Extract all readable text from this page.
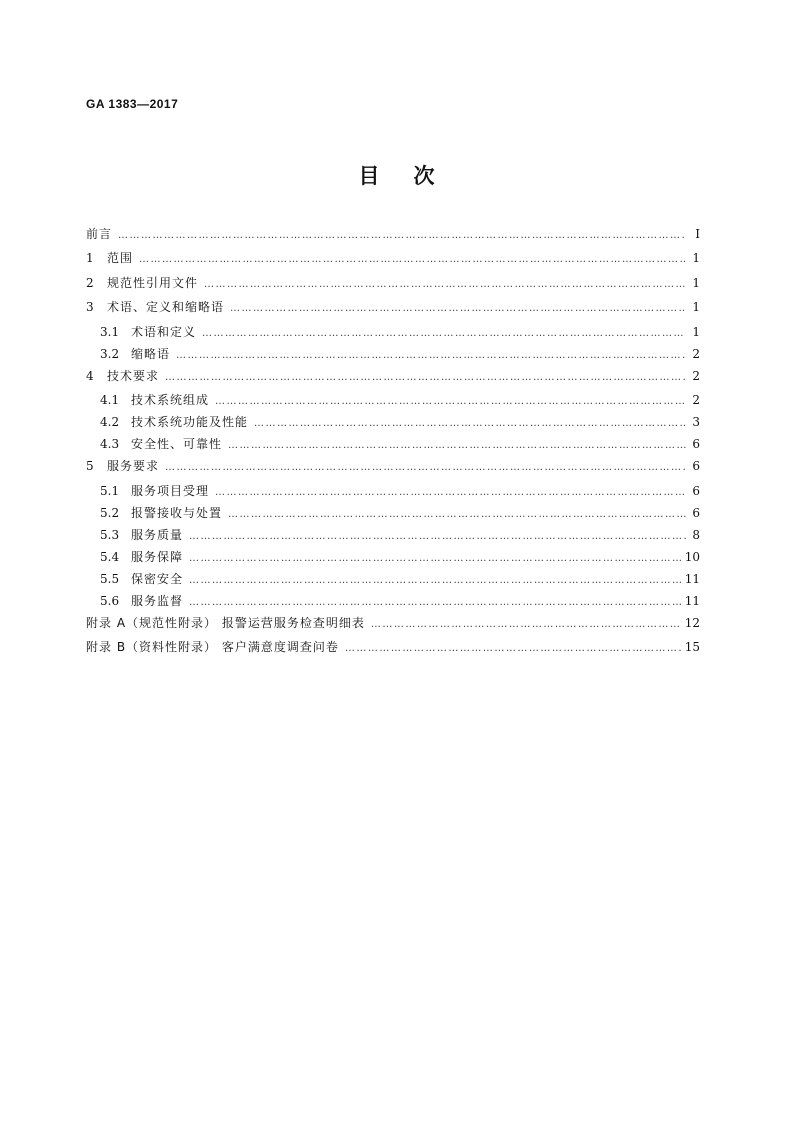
GA 1383—2017
目次
前言 ………………………………………………………………………………………………………………………………………………………………………………………………	Ⅰ
1	范围 ………………………………………………………………………………………………………………………………………………………………………………………………	1
2	规范性引用文件 ………………………………………………………………………………………………………………………………………………………………………………………………	1
3	术语、定义和缩略语 ………………………………………………………………………………………………………………………………………………………………………………………………	1
3.1 术语和定义 ………………………………………………………………………………………………………………………………………………………………………………………………	1
3.2 缩略语 ………………………………………………………………………………………………………………………………………………………………………………………………	2
4	技术要求 ………………………………………………………………………………………………………………………………………………………………………………………………	2
4.1 技术系统组成 ………………………………………………………………………………………………………………………………………………………………………………………………	2
4.2 技术系统功能及性能 ………………………………………………………………………………………………………………………………………………………………………………………………	3
4.3 安全性、可靠性 ………………………………………………………………………………………………………………………………………………………………………………………………	6
5	服务要求 ………………………………………………………………………………………………………………………………………………………………………………………………	6
5.1 服务项目受理 ………………………………………………………………………………………………………………………………………………………………………………………………	6
5.2 报警接收与处置 ………………………………………………………………………………………………………………………………………………………………………………………………	6
5.3 服务质量 ………………………………………………………………………………………………………………………………………………………………………………………………	8
5.4 服务保障 ………………………………………………………………………………………………………………………………………………………………………………………………	10
5.5 保密安全 ………………………………………………………………………………………………………………………………………………………………………………………………	11
5.6 服务监督 ………………………………………………………………………………………………………………………………………………………………………………………………	11
附录 A（规范性附录） 报警运营服务检查明细表 ………………………………………………………………………………………………………………………………………………………………………………………………	12
附录 B（资料性附录） 客户满意度调查问卷 ………………………………………………………………………………………………………………………………………………………………………………………………	15
